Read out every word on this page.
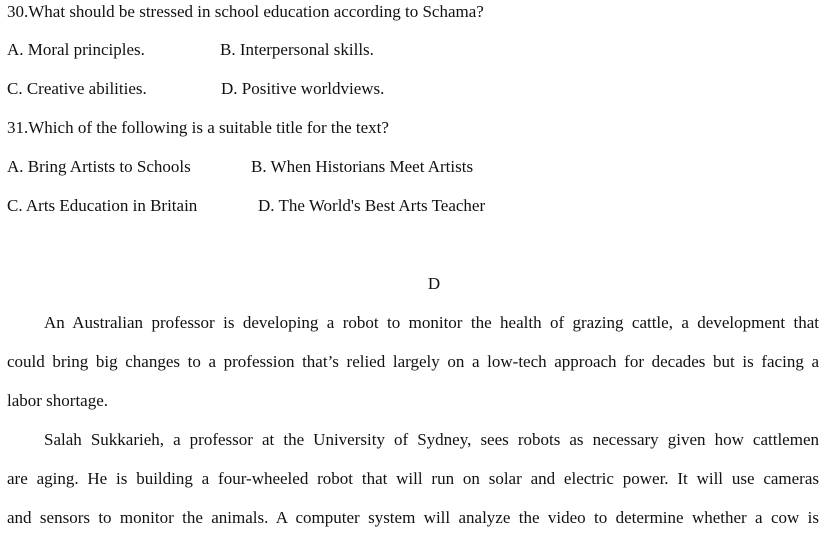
30.What should be stressed in school education according to Schama?
A. Moral principles.	B. Interpersonal skills.
C. Creative abilities.	D. Positive worldviews.
31.Which of the following is a suitable title for the text?
A. Bring Artists to Schools	B. When Historians Meet Artists
C. Arts Education in Britain	D. The World's Best Arts Teacher
D
An Australian professor is developing a robot to monitor the health of grazing cattle, a development that
could bring big changes to a profession that’s relied largely on a low-tech approach for decades but is facing a
labor shortage.
Salah Sukkarieh, a professor at the University of Sydney, sees robots as necessary given how cattlemen
are aging. He is building a four-wheeled robot that will run on solar and electric power. It will use cameras
and sensors to monitor the animals. A computer system will analyze the video to determine whether a cow is
